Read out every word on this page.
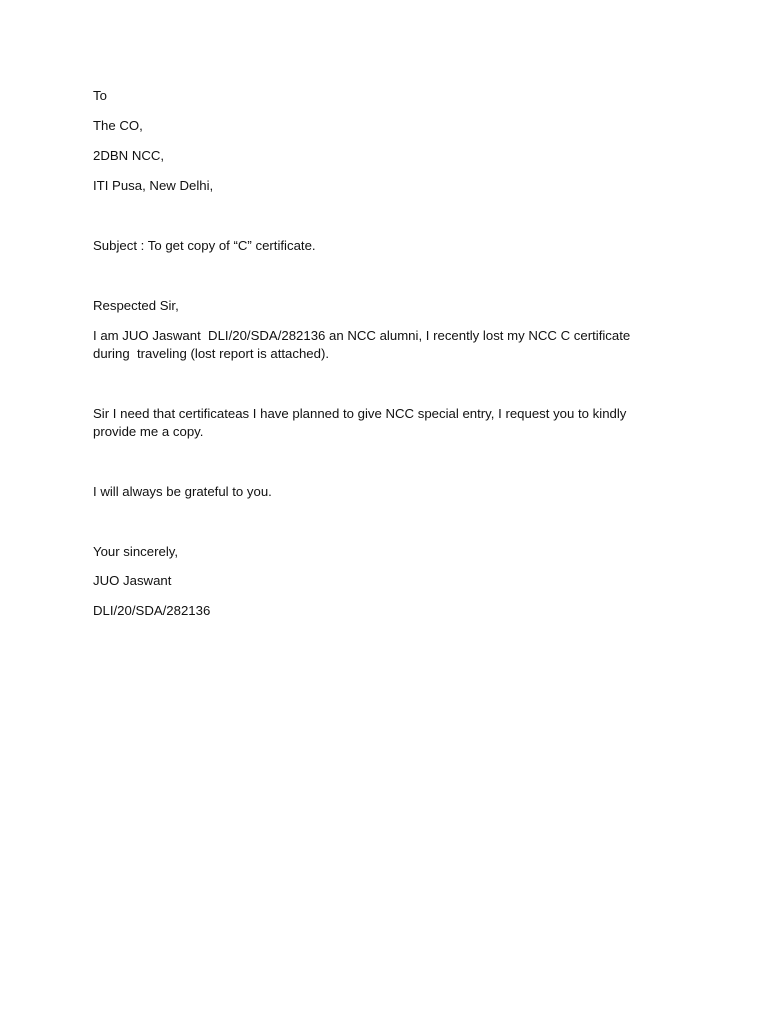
To

The CO,

2DBN NCC,

ITI Pusa, New Delhi,

Subject : To get copy of “C” certificate.

Respected Sir,

I am JUO Jaswant  DLI/20/SDA/282136 an NCC alumni, I recently lost my NCC C certificate
during  traveling (lost report is attached).
Sir I need that certificateas I have planned to give NCC special entry, I request you to kindly
provide me a copy.

I will always be grateful to you.

Your sincerely,

JUO Jaswant

DLI/20/SDA/282136
